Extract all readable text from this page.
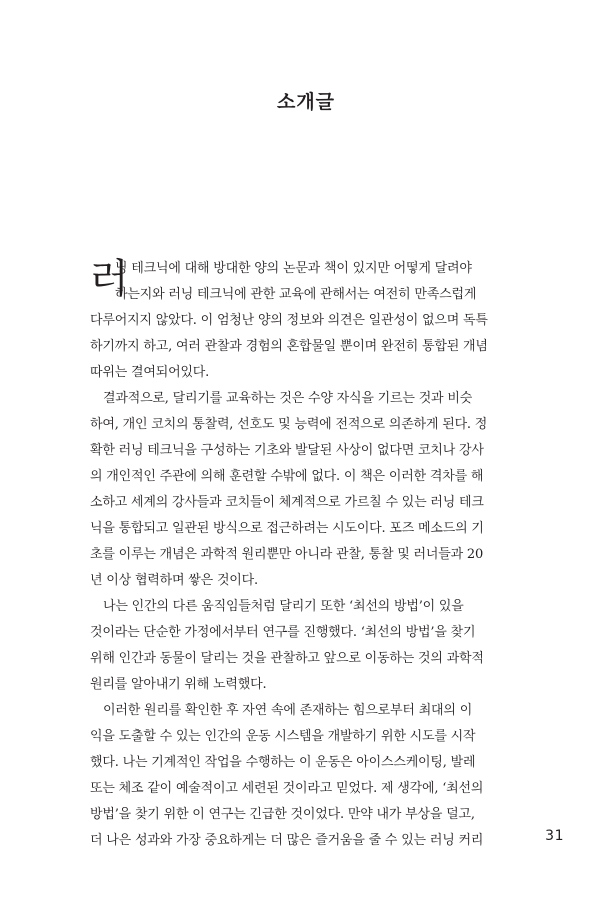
소개글
러
닝 테크닉에 대해 방대한 양의 논문과 책이 있지만 어떻게 달려야
하는지와 러닝 테크닉에 관한 교육에 관해서는 여전히 만족스럽게
다루어지지 않았다. 이 엄청난 양의 정보와 의견은 일관성이 없으며 독특
하기까지 하고, 여러 관찰과 경험의 혼합물일 뿐이며 완전히 통합된 개념
따위는 결여되어있다.
결과적으로, 달리기를 교육하는 것은 수양 자식을 기르는 것과 비슷
하여, 개인 코치의 통찰력, 선호도 및 능력에 전적으로 의존하게 된다. 정
확한 러닝 테크닉을 구성하는 기초와 발달된 사상이 없다면 코치나 강사
의 개인적인 주관에 의해 훈련할 수밖에 없다. 이 책은 이러한 격차를 해
소하고 세계의 강사들과 코치들이 체계적으로 가르칠 수 있는 러닝 테크
닉을 통합되고 일관된 방식으로 접근하려는 시도이다. 포즈 메소드의 기
초를 이루는 개념은 과학적 원리뿐만 아니라 관찰, 통찰 및 러너들과 20
년 이상 협력하며 쌓은 것이다.
나는 인간의 다른 움직임들처럼 달리기 또한 ‘최선의 방법’이 있을
것이라는 단순한 가정에서부터 연구를 진행했다. ‘최선의 방법’을 찾기
위해 인간과 동물이 달리는 것을 관찰하고 앞으로 이동하는 것의 과학적
원리를 알아내기 위해 노력했다.
이러한 원리를 확인한 후 자연 속에 존재하는 힘으로부터 최대의 이
익을 도출할 수 있는 인간의 운동 시스템을 개발하기 위한 시도를 시작
했다. 나는 기계적인 작업을 수행하는 이 운동은 아이스스케이팅, 발레
또는 체조 같이 예술적이고 세련된 것이라고 믿었다. 제 생각에, ‘최선의
방법’을 찾기 위한 이 연구는 긴급한 것이었다. 만약 내가 부상을 덜고,
더 나은 성과와 가장 중요하게는 더 많은 즐거움을 줄 수 있는 러닝 커리	31
